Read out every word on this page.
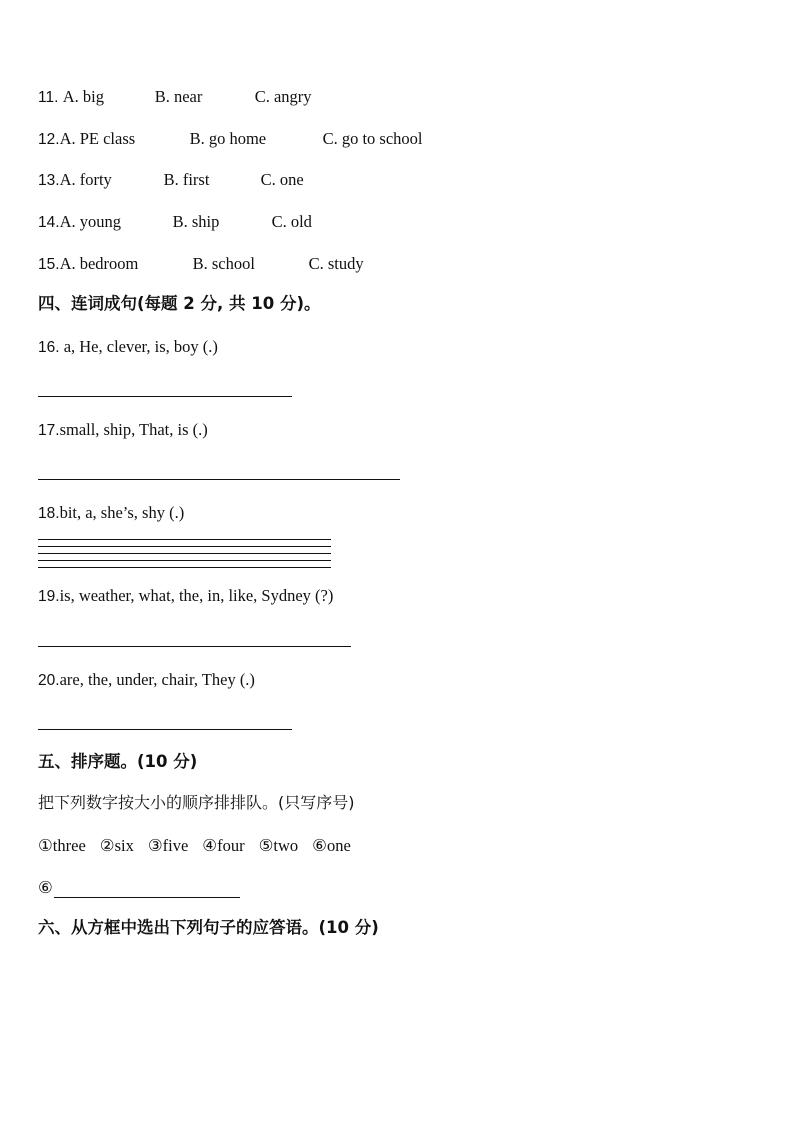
11. A. big	B. near	C. angry
12.A. PE class	B. go home	C. go to school
13.A. forty	B. first	C. one
14.A. young	B. ship	C. old
15.A. bedroom	B. school	C. study
四、连词成句(每题 2 分, 共 10 分)。
16. a, He, clever, is, boy (.)
17.small, ship, That, is (.)
18.bit, a, she’s, shy (.)
19.is, weather, what, the, in, like, Sydney (?)
20.are, the, under, chair, They (.)
五、排序题。(10 分)
把下列数字按大小的顺序排排队。(只写序号)
①three ②six ③five ④four ⑤two ⑥one
⑥
六、从方框中选出下列句子的应答语。(10 分)
